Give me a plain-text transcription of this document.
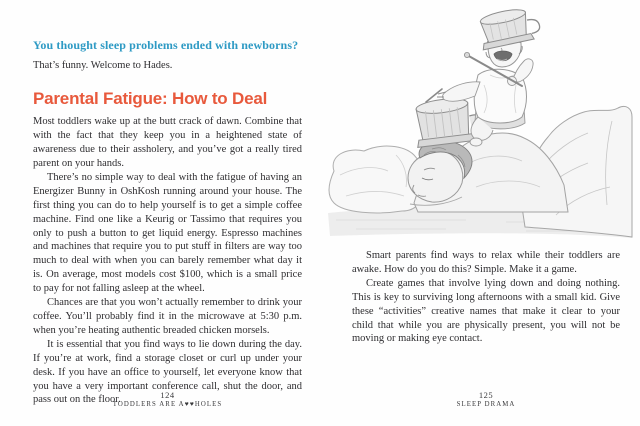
You thought sleep problems ended with newborns?

That’s funny. Welcome to Hades.

Parental Fatigue: How to Deal

Most toddlers wake up at the butt crack of dawn. Combine that with the fact that they keep you in a heightened state of awareness due to their assholery, and you’ve got a really tired parent on your hands.

There’s no simple way to deal with the fatigue of having an Energizer Bunny in OshKosh running around your house. The first thing you can do to help yourself is to get a simple coffee machine. Find one like a Keurig or Tassimo that requires you only to push a button to get liquid energy. Espresso machines and machines that require you to put stuff in filters are way too much to deal with when you can barely remember what day it is. On average, most models cost $100, which is a small price to pay for not falling asleep at the wheel.

Chances are that you won’t actually remember to drink your coffee. You’ll probably find it in the microwave at 5:30 p.m. when you’re heating authentic breaded chicken morsels.

It is essential that you find ways to lie down during the day. If you’re at work, find a storage closet or curl up under your desk. If you have an office to yourself, let everyone know that you have a very important conference call, shut the door, and pass out on the floor.	124
TODDLERS ARE A♥♥HOLES

Smart parents find ways to relax while their toddlers are awake. How do you do this? Simple. Make it a game.

Create games that involve lying down and doing nothing. This is key to surviving long afternoons with a small kid. Give these “activities” creative names that make it clear to your child that while you are physically present, you will not be moving or making eye contact.

125
SLEEP DRAMA
